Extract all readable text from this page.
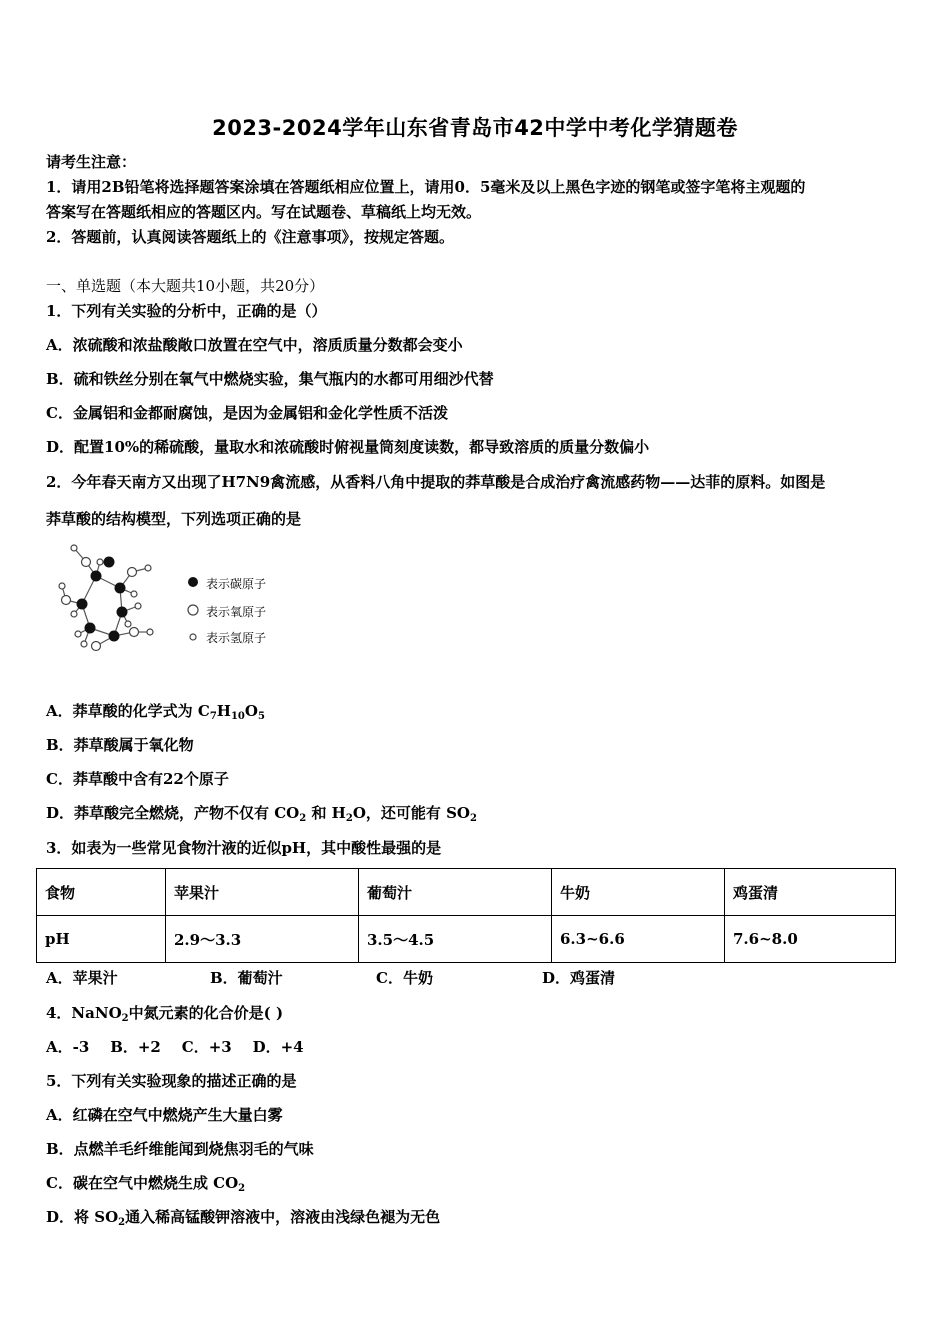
2023-2024学年山东省青岛市42中学中考化学猜题卷
请考生注意：
1．请用2B铅笔将选择题答案涂填在答题纸相应位置上，请用0．5毫米及以上黑色字迹的钢笔或签字笔将主观题的
答案写在答题纸相应的答题区内。写在试题卷、草稿纸上均无效。
2．答题前，认真阅读答题纸上的《注意事项》，按规定答题。
一、单选题（本大题共10小题，共20分）
1．下列有关实验的分析中，正确的是（）
A．浓硫酸和浓盐酸敞口放置在空气中，溶质质量分数都会变小
B．硫和铁丝分别在氧气中燃烧实验，集气瓶内的水都可用细沙代替
C．金属铝和金都耐腐蚀，是因为金属铝和金化学性质不活泼
D．配置10%的稀硫酸，量取水和浓硫酸时俯视量筒刻度读数，都导致溶质的质量分数偏小
2．今年春天南方又出现了H7N9禽流感，从香料八角中提取的莽草酸是合成治疗禽流感药物——达菲的原料。如图是
莽草酸的结构模型，下列选项正确的是
表示碳原子
表示氧原子
表示氢原子
A．莽草酸的化学式为 $C_7H_{10}O_5$
B．莽草酸属于氧化物
C．莽草酸中含有22个原子
D．莽草酸完全燃烧，产物不仅有 $CO_2$ 和 $H_2O$，还可能有 $SO_2$
3．如表为一些常见食物汁液的近似pH，其中酸性最强的是
食物	苹果汁	葡萄汁	牛奶	鸡蛋清
pH	2.9～3.3	3.5～4.5	6.3~6.6	7.6~8.0
A．苹果汁	B．葡萄汁	C．牛奶	D．鸡蛋清
4．NaNO$_2$中氮元素的化合价是( )
A．-3    B．+2    C．+3    D．+4
5．下列有关实验现象的描述正确的是
A．红磷在空气中燃烧产生大量白雾
B．点燃羊毛纤维能闻到烧焦羽毛的气味
C．碳在空气中燃烧生成 $CO_2$
D．将 $SO_2$通入稀高锰酸钾溶液中，溶液由浅绿色褪为无色
